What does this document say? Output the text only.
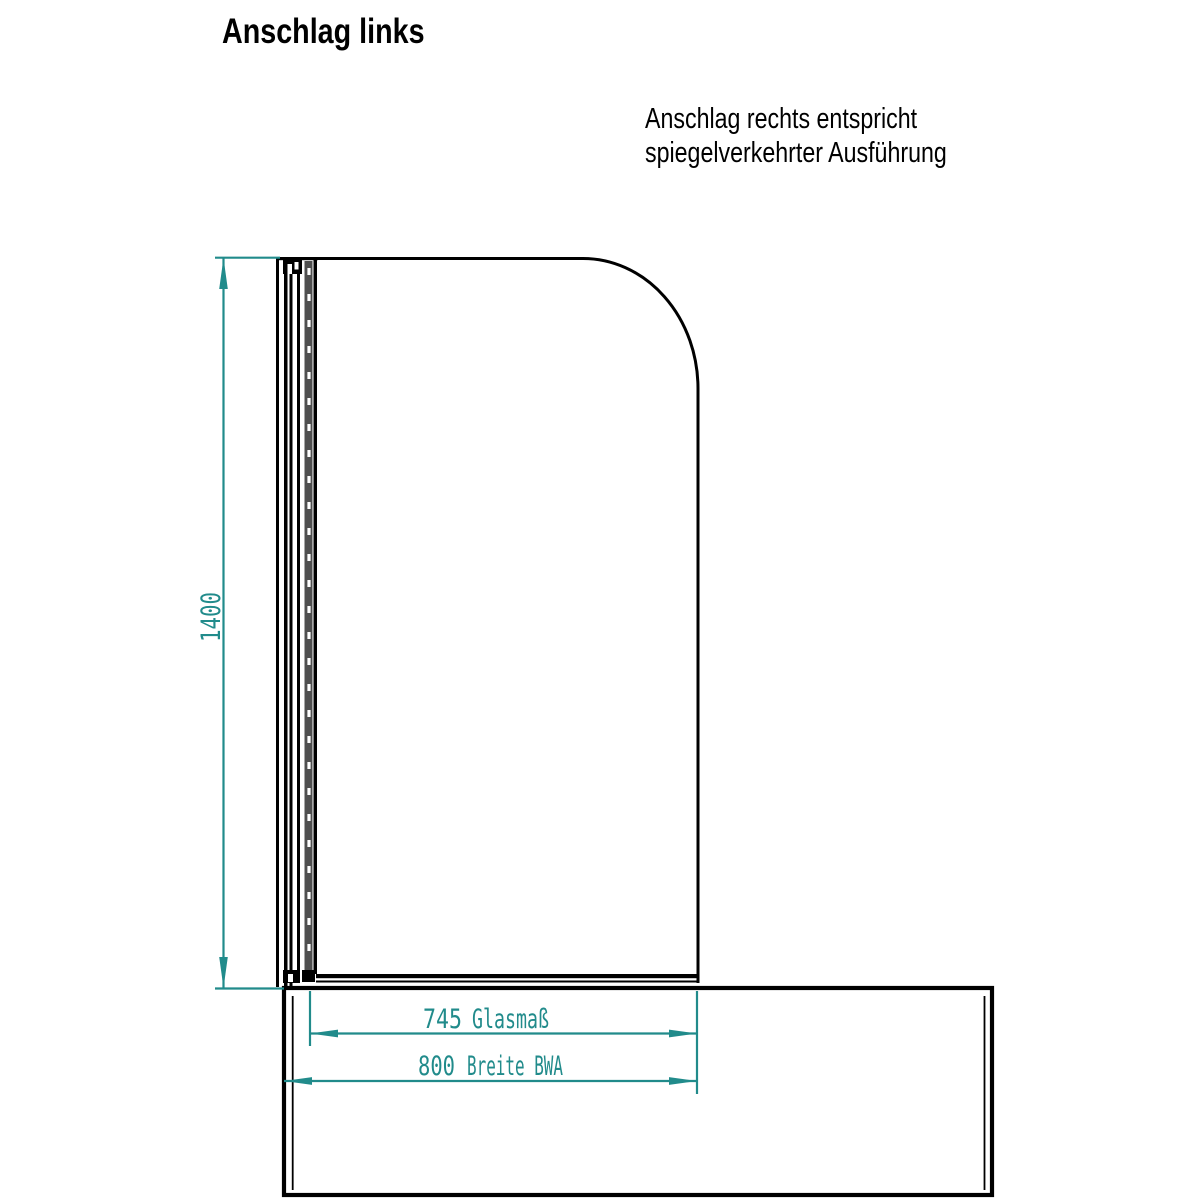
Anschlag links
Anschlag rechts entspricht
spiegelverkehrter Ausführung
1400
745 Glasmaß
800 Breite BWA
